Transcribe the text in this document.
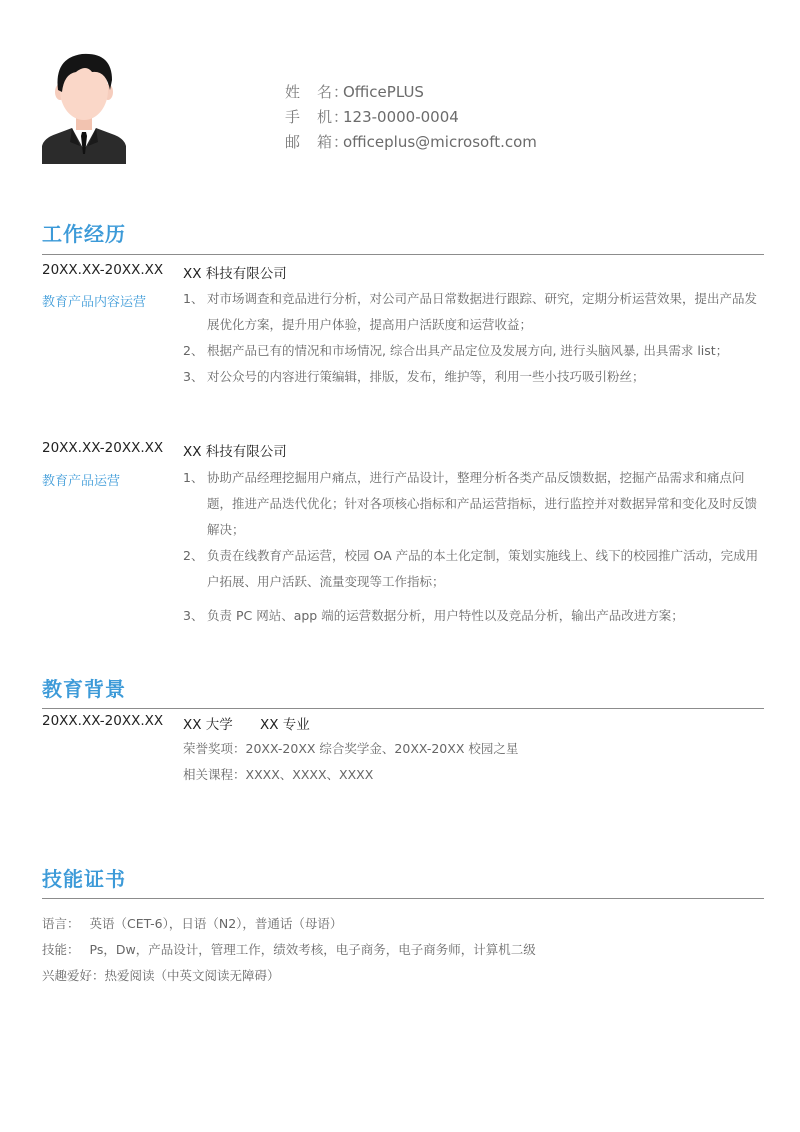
姓　名：OfficePLUS
手　机：123-0000-0004
邮　箱：officeplus@microsoft.com
工作经历
20XX.XX-20XX.XX XX 科技有限公司
教育产品内容运营	1、 对市场调查和竞品进行分析，对公司产品日常数据进行跟踪、研究，定期分析运营效果，提出产品发展优化方案，提升用户体验，提高用户活跃度和运营收益；
2、 根据产品已有的情况和市场情况, 综合出具产品定位及发展方向, 进行头脑风暴, 出具需求 list；
3、 对公众号的内容进行策编辑，排版，发布，维护等，利用一些小技巧吸引粉丝；
20XX.XX-20XX.XX XX 科技有限公司
教育产品运营	1、 协助产品经理挖掘用户痛点，进行产品设计，整理分析各类产品反馈数据，挖掘产品需求和痛点问题，推进产品迭代优化；针对各项核心指标和产品运营指标，进行监控并对数据异常和变化及时反馈解决；
2、 负责在线教育产品运营，校园 OA 产品的本土化定制，策划实施线上、线下的校园推广活动，完成用户拓展、用户活跃、流量变现等工作指标；
3、 负责 PC 网站、app 端的运营数据分析，用户特性以及竞品分析，输出产品改进方案；
教育背景
20XX.XX-20XX.XX XX 大学 XX 专业
荣誉奖项：20XX-20XX 综合奖学金、20XX-20XX 校园之星
相关课程：XXXX、XXXX、XXXX
技能证书
语言： 英语（CET-6），日语（N2），普通话（母语）
技能： Ps，Dw，产品设计，管理工作，绩效考核，电子商务，电子商务师，计算机二级
兴趣爱好：热爱阅读（中英文阅读无障碍）
